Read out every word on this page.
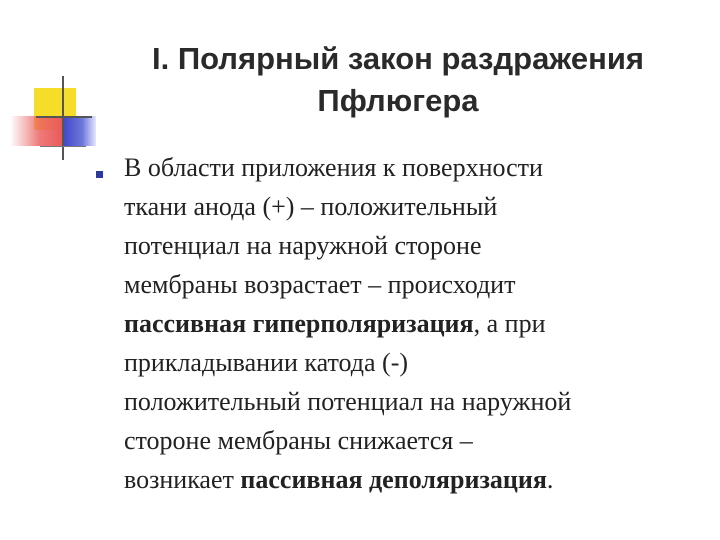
I. Полярный закон раздражения
Пфлюгера

В области приложения к поверхности
ткани анода (+) – положительный
потенциал на наружной стороне
мембраны возрастает – происходит
пассивная гиперполяризация, а при
прикладывании катода (-)
положительный потенциал на наружной
стороне мембраны снижается –
возникает пассивная деполяризация.
